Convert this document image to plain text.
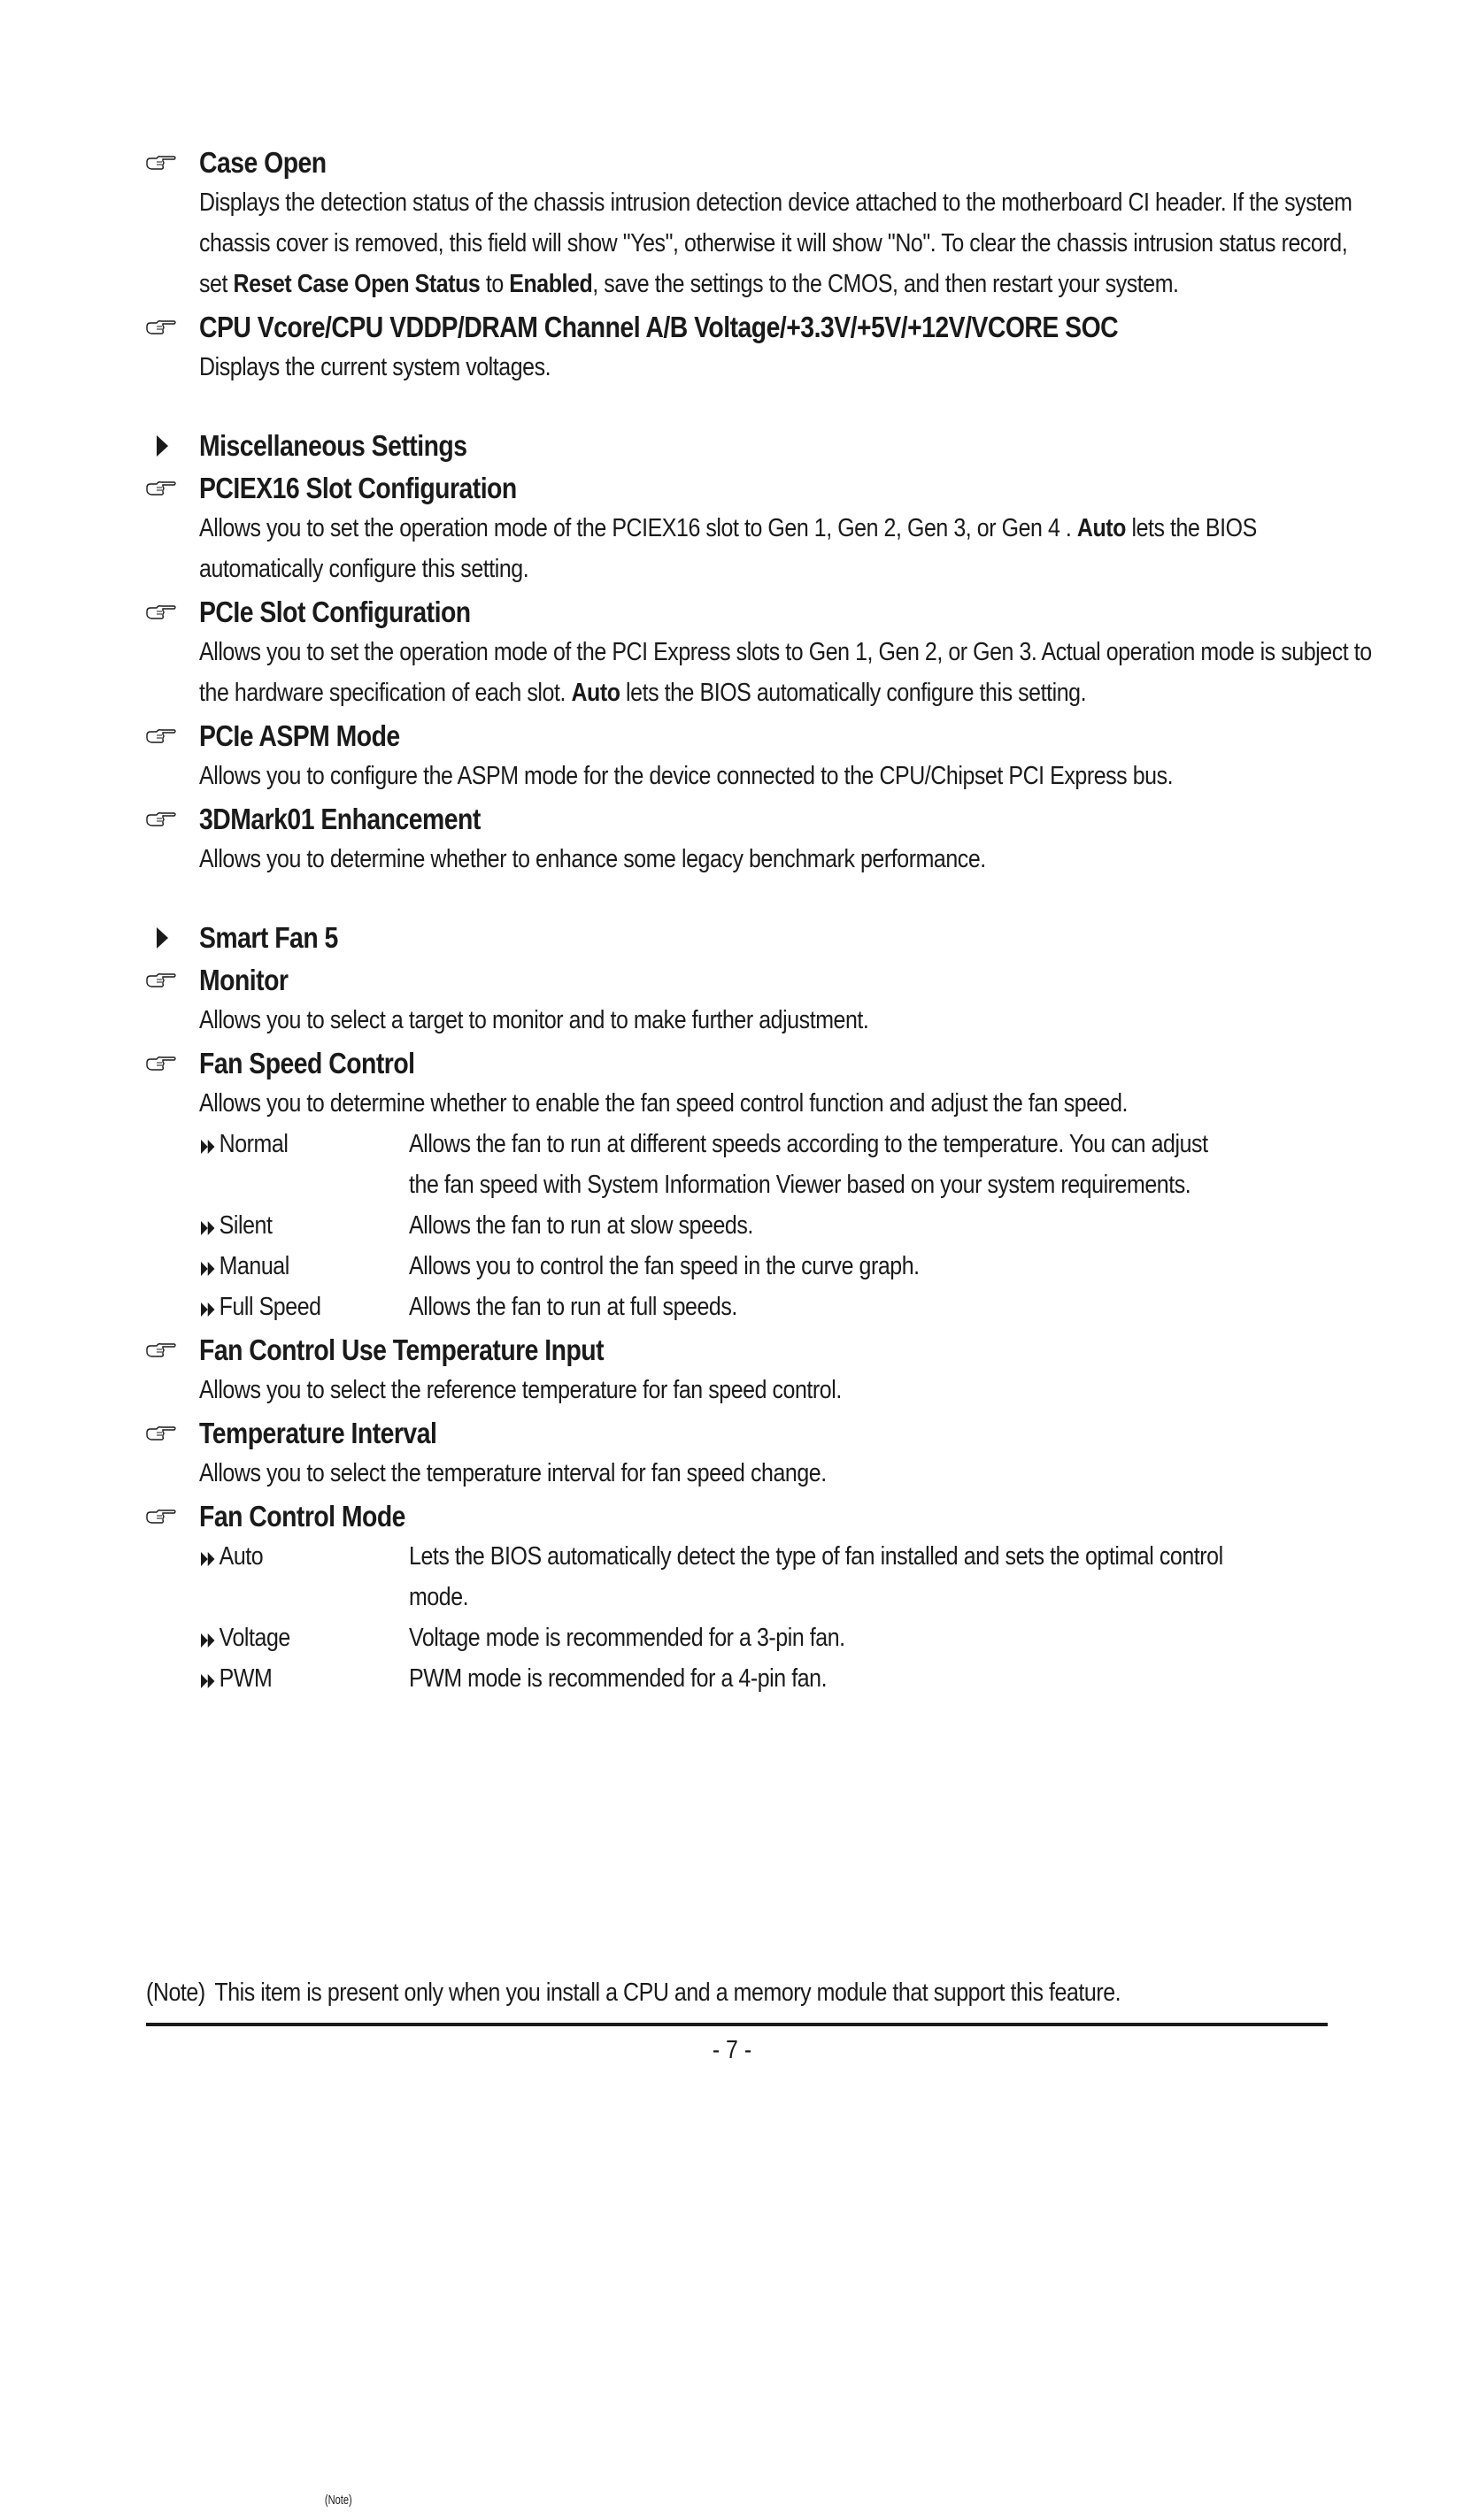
Case Open
Displays the detection status of the chassis intrusion detection device attached to the motherboard CI header. If the system chassis cover is removed, this field will show "Yes", otherwise it will show "No". To clear the chassis intrusion status record, set Reset Case Open Status to Enabled, save the settings to the CMOS, and then restart your system.
CPU Vcore/CPU VDDP/DRAM Channel A/B Voltage/+3.3V/+5V/+12V/VCORE SOC
Displays the current system voltages.
Miscellaneous Settings
PCIEX16 Slot Configuration
Allows you to set the operation mode of the PCIEX16 slot to Gen 1, Gen 2, Gen 3, or Gen 4
(Note)
. Auto lets the BIOS automatically configure this setting.
PCIe Slot Configuration
Allows you to set the operation mode of the PCI Express slots to Gen 1, Gen 2, or Gen 3. Actual operation mode is subject to the hardware specification of each slot. Auto lets the BIOS automatically configure this setting.
PCIe ASPM Mode
Allows you to configure the ASPM mode for the device connected to the CPU/Chipset PCI Express bus.
3DMark01 Enhancement
Allows you to determine whether to enhance some legacy benchmark performance.
Smart Fan 5
Monitor
Allows you to select a target to monitor and to make further adjustment.
Fan Speed Control
Allows you to determine whether to enable the fan speed control function and adjust the fan speed.
Normal	Allows the fan to run at different speeds according to the temperature. You can adjust
the fan speed with System Information Viewer based on your system requirements.
Silent	Allows the fan to run at slow speeds.
Manual	Allows you to control the fan speed in the curve graph.
Full Speed	Allows the fan to run at full speeds.
Fan Control Use Temperature Input
Allows you to select the reference temperature for fan speed control.
Temperature Interval
Allows you to select the temperature interval for fan speed change.
Fan Control Mode
Auto	Lets the BIOS automatically detect the type of fan installed and sets the optimal control
mode.
Voltage	Voltage mode is recommended for a 3-pin fan.
PWM	PWM mode is recommended for a 4-pin fan.
(Note) This item is present only when you install a CPU and a memory module that support this feature.
- 7 -
